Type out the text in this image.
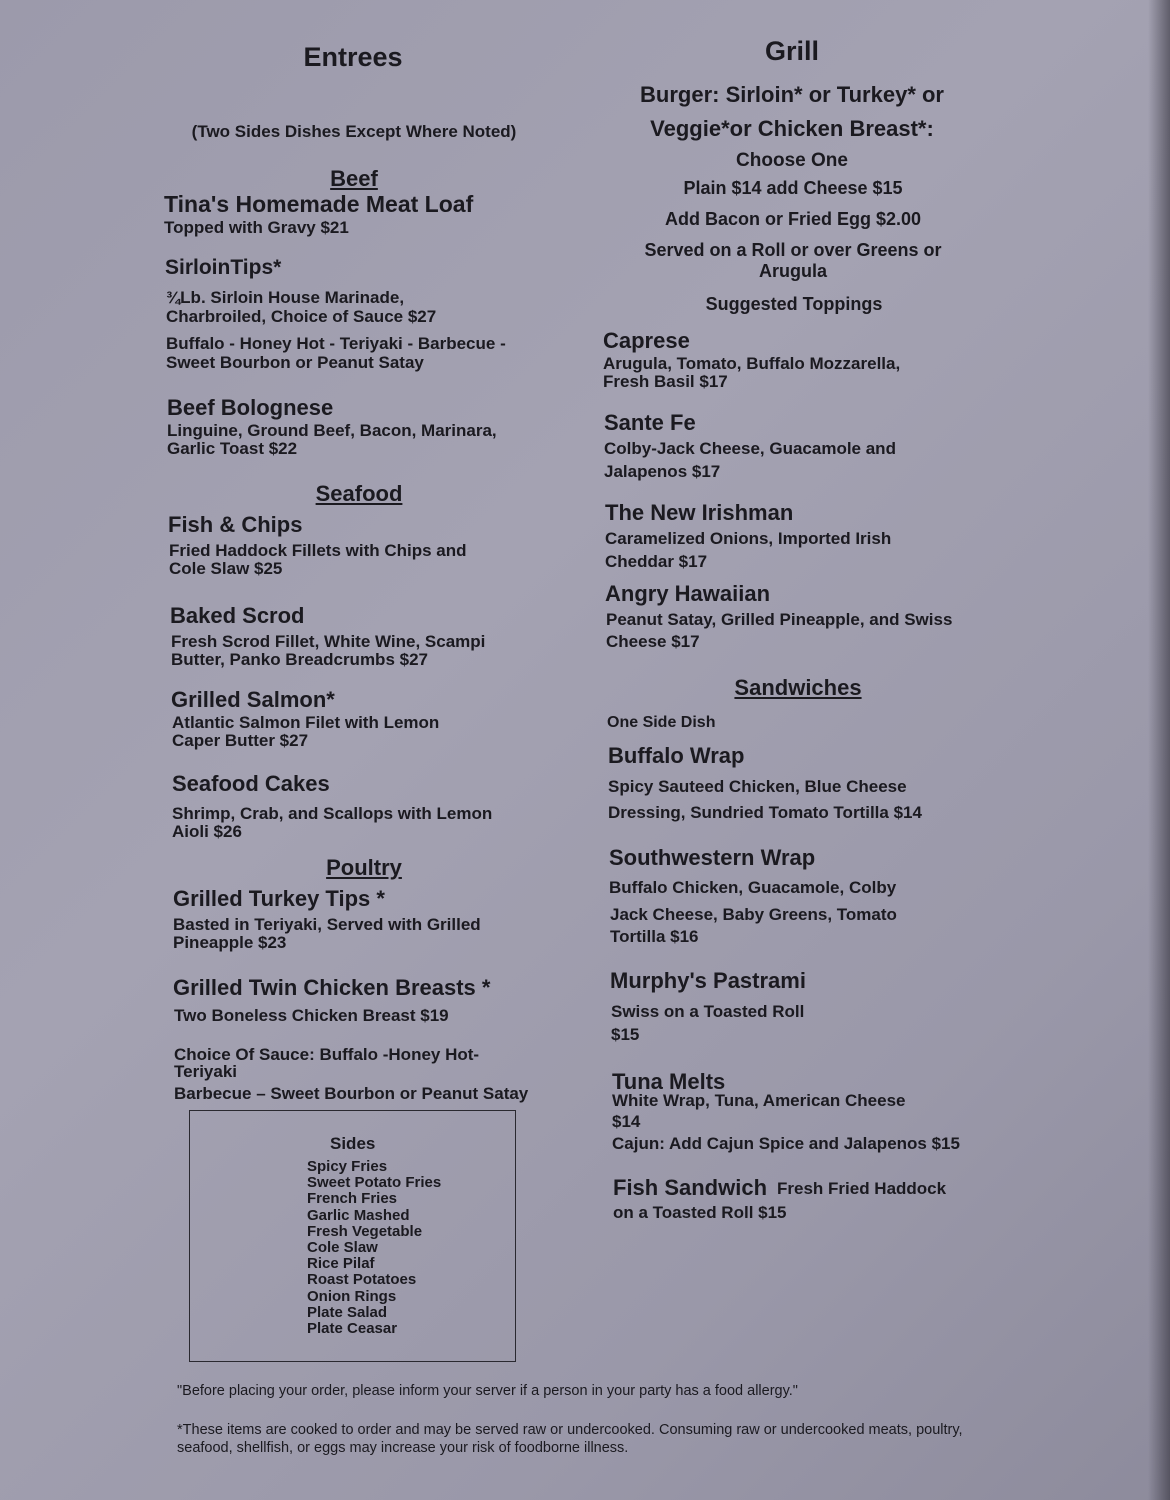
Entrees
(Two Sides Dishes Except Where Noted)
Beef
Tina's Homemade Meat Loaf
Topped with Gravy $21
SirloinTips*
¾Lb. Sirloin House Marinade,
Charbroiled, Choice of Sauce $27
Buffalo - Honey Hot - Teriyaki - Barbecue -
Sweet Bourbon or Peanut Satay
Beef Bolognese
Linguine, Ground Beef, Bacon, Marinara,
Garlic Toast $22
Seafood
Fish & Chips
Fried Haddock Fillets with Chips and
Cole Slaw $25
Baked Scrod
Fresh Scrod Fillet, White Wine, Scampi
Butter, Panko Breadcrumbs $27
Grilled Salmon*
Atlantic Salmon Filet with Lemon
Caper Butter $27
Seafood Cakes
Shrimp, Crab, and Scallops with Lemon
Aioli $26
Poultry
Grilled Turkey Tips *
Basted in Teriyaki, Served with Grilled
Pineapple $23
Grilled Twin Chicken Breasts *
Two Boneless Chicken Breast $19
Choice Of Sauce: Buffalo -Honey Hot-
Teriyaki
Barbecue – Sweet Bourbon or Peanut Satay
Sides
Spicy Fries
Sweet Potato Fries
French Fries
Garlic Mashed
Fresh Vegetable
Cole Slaw
Rice Pilaf
Roast Potatoes
Onion Rings
Plate Salad
Plate Ceasar
Grill
Burger: Sirloin* or Turkey* or
Veggie*or Chicken Breast*:
Choose One
Plain $14 add Cheese $15
Add Bacon or Fried Egg $2.00
Served on a Roll or over Greens or
Arugula
Suggested Toppings
Caprese
Arugula, Tomato, Buffalo Mozzarella,
Fresh Basil $17
Sante Fe
Colby-Jack Cheese, Guacamole and
Jalapenos $17
The New Irishman
Caramelized Onions, Imported Irish
Cheddar $17
Angry Hawaiian
Peanut Satay, Grilled Pineapple, and Swiss
Cheese $17
Sandwiches
One Side Dish
Buffalo Wrap
Spicy Sauteed Chicken, Blue Cheese
Dressing, Sundried Tomato Tortilla $14
Southwestern Wrap
Buffalo Chicken, Guacamole, Colby
Jack Cheese, Baby Greens, Tomato
Tortilla $16
Murphy's Pastrami
Swiss on a Toasted Roll
$15
Tuna Melts
White Wrap, Tuna, American Cheese
$14
Cajun: Add Cajun Spice and Jalapenos $15
Fish Sandwich Fresh Fried Haddock
on a Toasted Roll $15
"Before placing your order, please inform your server if a person in your party has a food allergy."
*These items are cooked to order and may be served raw or undercooked. Consuming raw or undercooked meats, poultry, seafood, shellfish, or eggs may increase your risk of foodborne illness.
